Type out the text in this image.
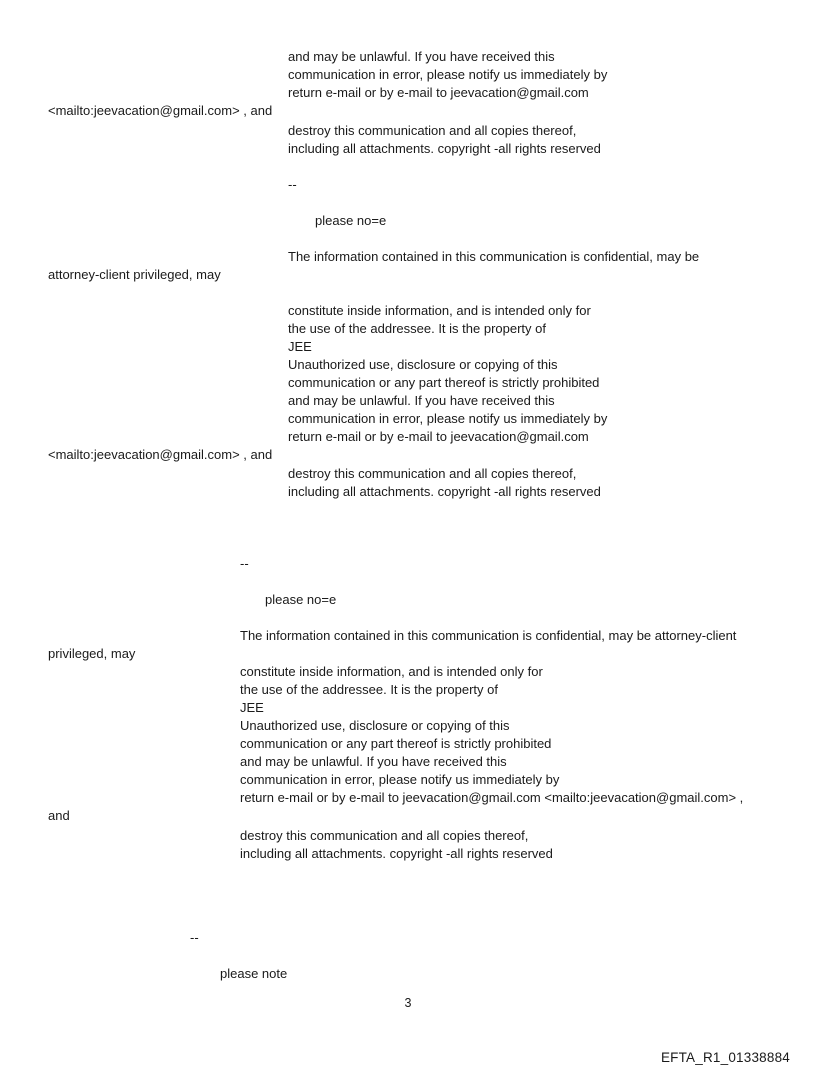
and may be unlawful. If you have received this
communication in error, please notify us immediately by
return e-mail or by e-mail to jeevacation@gmail.com
<mailto:jeevacation@gmail.com> , and
destroy this communication and all copies thereof,
including all attachments. copyright -all rights reserved
--
please no=e
The information contained in this communication is confidential, may be
attorney-client privileged, may
constitute inside information, and is intended only for
the use of the addressee. It is the property of
JEE
Unauthorized use, disclosure or copying of this
communication or any part thereof is strictly prohibited
and may be unlawful. If you have received this
communication in error, please notify us immediately by
return e-mail or by e-mail to jeevacation@gmail.com
<mailto:jeevacation@gmail.com> , and
destroy this communication and all copies thereof,
including all attachments. copyright -all rights reserved
--
please no=e
The information contained in this communication is confidential, may be attorney-client
privileged, may
constitute inside information, and is intended only for
the use of the addressee. It is the property of
JEE
Unauthorized use, disclosure or copying of this
communication or any part thereof is strictly prohibited
and may be unlawful. If you have received this
communication in error, please notify us immediately by
return e-mail or by e-mail to jeevacation@gmail.com <mailto:jeevacation@gmail.com> ,
and
destroy this communication and all copies thereof,
including all attachments. copyright -all rights reserved
--
please note
3
EFTA_R1_01338884
